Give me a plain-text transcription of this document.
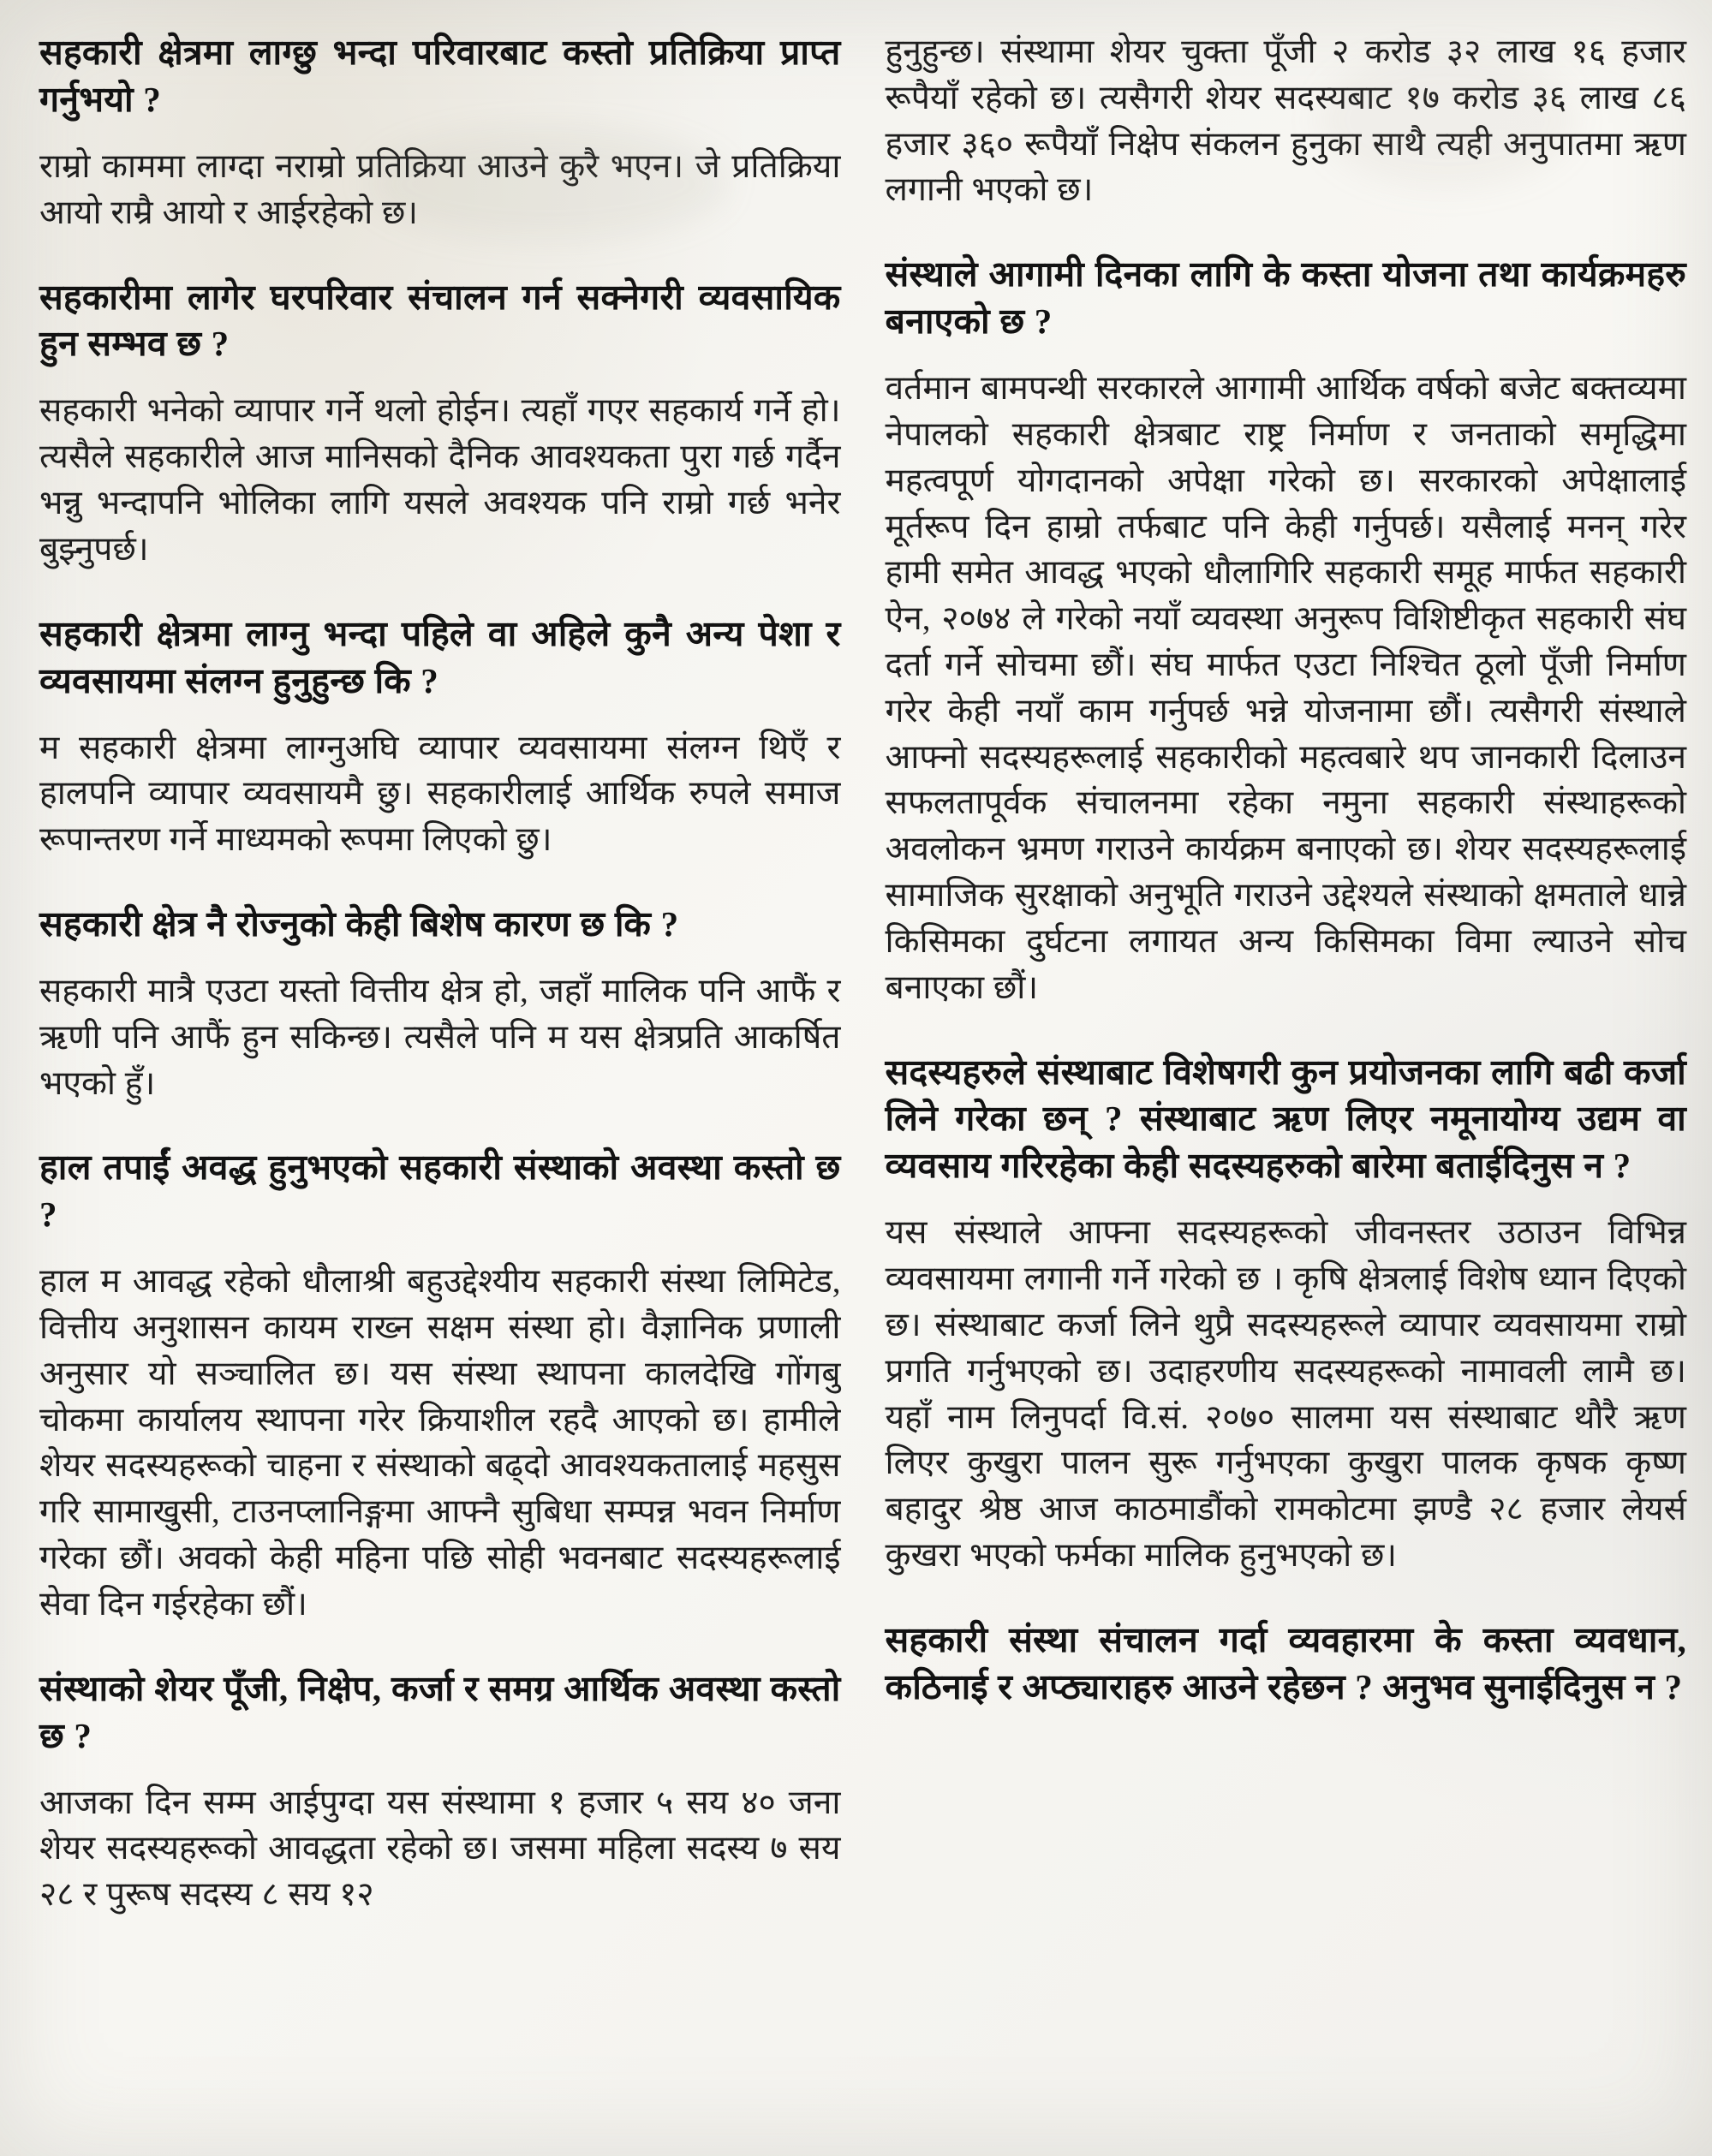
सहकारी क्षेत्रमा लाग्छु भन्दा परिवारबाट कस्तो प्रतिक्रिया प्राप्त गर्नुभयो ?

राम्रो काममा लाग्दा नराम्रो प्रतिक्रिया आउने कुरै भएन। जे प्रतिक्रिया आयो राम्रै आयो र आईरहेको छ।

सहकारीमा लागेर घरपरिवार संचालन गर्न सक्नेगरी व्यवसायिक हुन सम्भव छ ?

सहकारी भनेको व्यापार गर्ने थलो होईन। त्यहाँ गएर सहकार्य गर्ने हो। त्यसैले सहकारीले आज मानिसको दैनिक आवश्यकता पुरा गर्छ गर्दैन भन्नु भन्दापनि भोलिका लागि यसले अवश्यक पनि राम्रो गर्छ भनेर बुझ्नुपर्छ।

सहकारी क्षेत्रमा लाग्नु भन्दा पहिले वा अहिले कुनै अन्य पेशा र व्यवसायमा संलग्न हुनुहुन्छ कि ?

म सहकारी क्षेत्रमा लाग्नुअघि व्यापार व्यवसायमा संलग्न थिएँ र हालपनि व्यापार व्यवसायमै छु। सहकारीलाई आर्थिक रुपले समाज रूपान्तरण गर्ने माध्यमको रूपमा लिएको छु।

सहकारी क्षेत्र नै रोज्नुको केही बिशेष कारण छ कि ?

सहकारी मात्रै एउटा यस्तो वित्तीय क्षेत्र हो, जहाँ मालिक पनि आफैं र ऋणी पनि आफैं हुन सकिन्छ। त्यसैले पनि म यस क्षेत्रप्रति आकर्षित भएको हुँ।

हाल तपाईं अवद्ध हुनुभएको सहकारी संस्थाको अवस्था कस्तो छ ?

हाल म आवद्ध रहेको धौलाश्री बहुउद्देश्यीय सहकारी संस्था लिमिटेड, वित्तीय अनुशासन कायम राख्न सक्षम संस्था हो। वैज्ञानिक प्रणाली अनुसार यो सञ्चालित छ। यस संस्था स्थापना कालदेखि गोंगबु चोकमा कार्यालय स्थापना गरेर क्रियाशील रहदै आएको छ। हामीले शेयर सदस्यहरूको चाहना र संस्थाको बढ्दो आवश्यकतालाई महसुस गरि सामाखुसी, टाउनप्लानिङ्गमा आफ्नै सुबिधा सम्पन्न भवन निर्माण गरेका छौं। अवको केही महिना पछि सोही भवनबाट सदस्यहरूलाई सेवा दिन गईरहेका छौं।

संस्थाको शेयर पूँजी, निक्षेप, कर्जा र समग्र आर्थिक अवस्था कस्तो छ ?

आजका दिन सम्म आईपुग्दा यस संस्थामा १ हजार ५ सय ४० जना शेयर सदस्यहरूको आवद्धता रहेको छ। जसमा महिला सदस्य ७ सय २८ र पुरूष सदस्य ८ सय १२

हुनुहुन्छ। संस्थामा शेयर चुक्ता पूँजी २ करोड ३२ लाख १६ हजार रूपैयाँ रहेको छ। त्यसैगरी शेयर सदस्यबाट १७ करोड ३६ लाख ८६ हजार ३६० रूपैयाँ निक्षेप संकलन हुनुका साथै त्यही अनुपातमा ऋण लगानी भएको छ।

संस्थाले आगामी दिनका लागि के कस्ता योजना तथा कार्यक्रमहरु बनाएको छ ?

वर्तमान बामपन्थी सरकारले आगामी आर्थिक वर्षको बजेट बक्तव्यमा नेपालको सहकारी क्षेत्रबाट राष्ट्र निर्माण र जनताको समृद्धिमा महत्वपूर्ण योगदानको अपेक्षा गरेको छ। सरकारको अपेक्षालाई मूर्तरूप दिन हाम्रो तर्फबाट पनि केही गर्नुपर्छ। यसैलाई मनन् गरेर हामी समेत आवद्ध भएको धौलागिरि सहकारी समूह मार्फत सहकारी ऐन, २०७४ ले गरेको नयाँ व्यवस्था अनुरूप विशिष्टीकृत सहकारी संघ दर्ता गर्ने सोचमा छौं। संघ मार्फत एउटा निश्चित ठूलो पूँजी निर्माण गरेर केही नयाँ काम गर्नुपर्छ भन्ने योजनामा छौं। त्यसैगरी संस्थाले आफ्नो सदस्यहरूलाई सहकारीको महत्वबारे थप जानकारी दिलाउन सफलतापूर्वक संचालनमा रहेका नमुना सहकारी संस्थाहरूको अवलोकन भ्रमण गराउने कार्यक्रम बनाएको छ। शेयर सदस्यहरूलाई सामाजिक सुरक्षाको अनुभूति गराउने उद्देश्यले संस्थाको क्षमताले धान्ने किसिमका दुर्घटना लगायत अन्य किसिमका विमा ल्याउने सोच बनाएका छौं।

सदस्यहरुले संस्थाबाट विशेषगरी कुन प्रयोजनका लागि बढी कर्जा लिने गरेका छन् ? संस्थाबाट ऋण लिएर नमूनायोग्य उद्यम वा व्यवसाय गरिरहेका केही सदस्यहरुको बारेमा बताईदिनुस न ?

यस संस्थाले आफ्ना सदस्यहरूको जीवनस्तर उठाउन विभिन्न व्यवसायमा लगानी गर्ने गरेको छ । कृषि क्षेत्रलाई विशेष ध्यान दिएको छ। संस्थाबाट कर्जा लिने थुप्रै सदस्यहरूले व्यापार व्यवसायमा राम्रो प्रगति गर्नुभएको छ। उदाहरणीय सदस्यहरूको नामावली लामै छ। यहाँ नाम लिनुपर्दा वि.सं. २०७० सालमा यस संस्थाबाट थौरै ऋण लिएर कुखुरा पालन सुरू गर्नुभएका कुखुरा पालक कृषक कृष्ण बहादुर श्रेष्ठ आज काठमाडौंको रामकोटमा झण्डै २८ हजार लेयर्स कुखरा भएको फर्मका मालिक हुनुभएको छ।

सहकारी संस्था संचालन गर्दा व्यवहारमा के कस्ता व्यवधान, कठिनाई र अप्ठ्याराहरु आउने रहेछन ? अनुभव सुनाईदिनुस न ?
